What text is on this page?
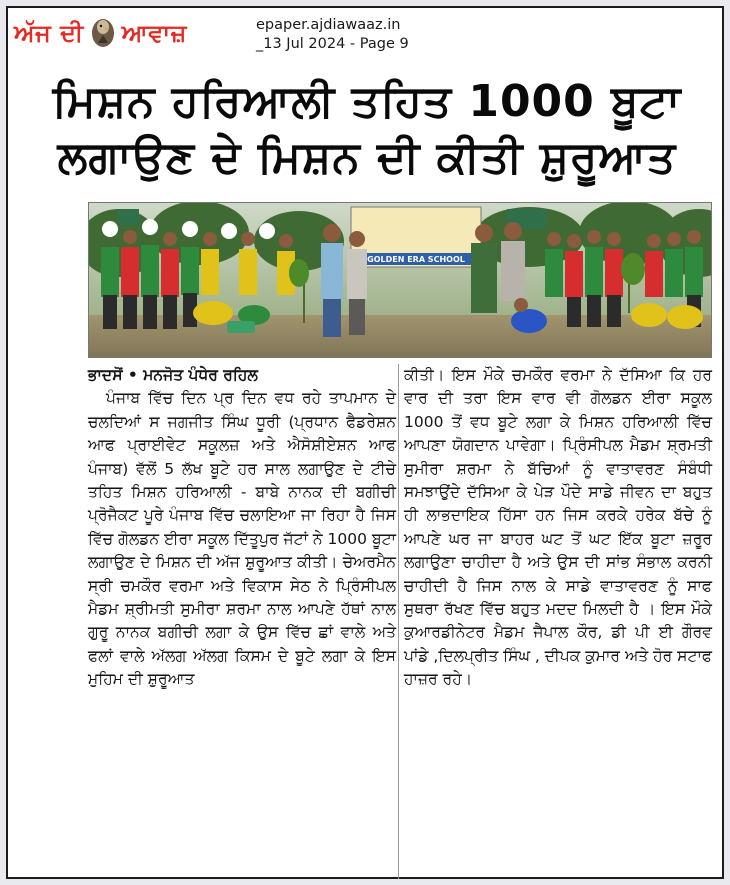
ਅੱਜ ਦੀ ਆਵਾਜ਼	epaper.ajdiawaaz.in
_13 Jul 2024 - Page 9
ਮਿਸ਼ਨ ਹਰਿਆਲੀ ਤਹਿਤ 1000 ਬੂਟਾ
ਲਗਾਉਣ ਦੇ ਮਿਸ਼ਨ ਦੀ ਕੀਤੀ ਸ਼ੁਰੂਆਤ
GOLDEN ERA SCHOOL
ਭਾਦਸੋਂ • ਮਨਜੋਤ ਪੰਧੇਰ ਰਹਿਲ

ਪੰਜਾਬ ਵਿੱਚ ਦਿਨ ਪ੍ਰ ਦਿਨ ਵਧ ਰਹੇ ਤਾਪਮਾਨ ਦੇ ਚਲਦਿਆਂ ਸ ਜਗਜੀਤ ਸਿੰਘ ਧੂਰੀ (ਪ੍ਰਧਾਨ ਫੈਡਰੇਸ਼ਨ ਆਫ ਪ੍ਰਾਈਵੇਟ ਸਕੂਲਜ਼ ਅਤੇ ਐਸੋਸ਼ੀਏਸ਼ਨ ਆਫ ਪੰਜਾਬ) ਵੱਲੋਂ 5 ਲੱਖ ਬੂਟੇ ਹਰ ਸਾਲ ਲਗਾਉਣ ਦੇ ਟੀਚੇ ਤਹਿਤ ਮਿਸ਼ਨ ਹਰਿਆਲੀ - ਬਾਬੇ ਨਾਨਕ ਦੀ ਬਗੀਚੀ ਪ੍ਰੋਜੈਕਟ ਪੂਰੇ ਪੰਜਾਬ ਵਿੱਚ ਚਲਾਇਆ ਜਾ ਰਿਹਾ ਹੈ ਜਿਸ ਵਿੱਚ ਗੋਲਡਨ ਈਰਾ ਸਕੂਲ ਦਿੱਤੂਪੁਰ ਜੱਟਾਂ ਨੇ 1000 ਬੂਟਾ ਲਗਾਉਣ ਦੇ ਮਿਸ਼ਨ ਦੀ ਅੱਜ ਸ਼ੁਰੂਆਤ ਕੀਤੀ। ਚੇਅਰਮੈਨ ਸ੍ਰੀ ਚਮਕੌਰ ਵਰਮਾ ਅਤੇ ਵਿਕਾਸ ਸੇਠ ਨੇ ਪ੍ਰਿੰਸੀਪਲ ਮੈਡਮ ਸ਼੍ਰੀਮਤੀ ਸੁਮੀਰਾ ਸ਼ਰਮਾ ਨਾਲ ਆਪਣੇ ਹੱਥਾਂ ਨਾਲ ਗੁਰੂ ਨਾਨਕ ਬਗੀਚੀ ਲਗਾ ਕੇ ਉਸ ਵਿੱਚ ਛਾਂ ਵਾਲੇ ਅਤੇ ਫਲਾਂ ਵਾਲੇ ਅੱਲਗ ਅੱਲਗ ਕਿਸਮ ਦੇ ਬੂਟੇ ਲਗਾ ਕੇ ਇਸ ਮੁਹਿਮ ਦੀ ਸ਼ੁਰੂਆਤ

ਕੀਤੀ। ਇਸ ਮੌਕੇ ਚਮਕੌਰ ਵਰਮਾ ਨੇ ਦੱਸਿਆ ਕਿ ਹਰ ਵਾਰ ਦੀ ਤਰਾ ਇਸ ਵਾਰ ਵੀ ਗੋਲਡਨ ਈਰਾ ਸਕੂਲ 1000 ਤੋਂ ਵਧ ਬੂਟੇ ਲਗਾ ਕੇ ਮਿਸ਼ਨ ਹਰਿਆਲੀ ਵਿੱਚ ਆਪਣਾ ਯੋਗਦਾਨ ਪਾਵੇਗਾ। ਪ੍ਰਿੰਸੀਪਲ ਮੈਡਮ ਸ਼੍ਰਮਤੀ ਸੁਮੀਰਾ ਸ਼ਰਮਾ ਨੇ ਬੱਚਿਆਂ ਨੂੰ ਵਾਤਾਵਰਣ ਸੰਬੰਧੀ ਸਮਝਾਉਂਦੇ ਦੱਸਿਆ ਕੇ ਪੇੜ ਪੌਦੇ ਸਾਡੇ ਜੀਵਨ ਦਾ ਬਹੁਤ ਹੀ ਲਾਭਦਾਇਕ ਹਿੱਸਾ ਹਨ ਜਿਸ ਕਰਕੇ ਹਰੇਕ ਬੱਚੇ ਨੂੰ ਆਪਣੇ ਘਰ ਜਾ ਬਾਹਰ ਘਟ ਤੋਂ ਘਟ ਇੱਕ ਬੂਟਾ ਜ਼ਰੂਰ ਲਗਾਉਣਾ ਚਾਹੀਦਾ ਹੈ ਅਤੇ ਉਸ ਦੀ ਸਾਂਭ ਸੰਭਾਲ ਕਰਨੀ ਚਾਹੀਦੀ ਹੈ ਜਿਸ ਨਾਲ ਕੇ ਸਾਡੇ ਵਾਤਾਵਰਣ ਨੂੰ ਸਾਫ ਸੁਥਰਾ ਰੱਖਣ ਵਿੱਚ ਬਹੁਤ ਮਦਦ ਮਿਲਦੀ ਹੈ । ਇਸ ਮੌਕੇ ਕੁਆਰਡੀਨੇਟਰ ਮੈਡਮ ਜੈਪਾਲ ਕੌਰ, ਡੀ ਪੀ ਈ ਗੌਰਵ ਪਾਂਡੇ ,ਦਿਲਪ੍ਰੀਤ ਸਿੰਘ , ਦੀਪਕ ਕੁਮਾਰ ਅਤੇ ਹੋਰ ਸਟਾਫ ਹਾਜ਼ਰ ਰਹੇ।
